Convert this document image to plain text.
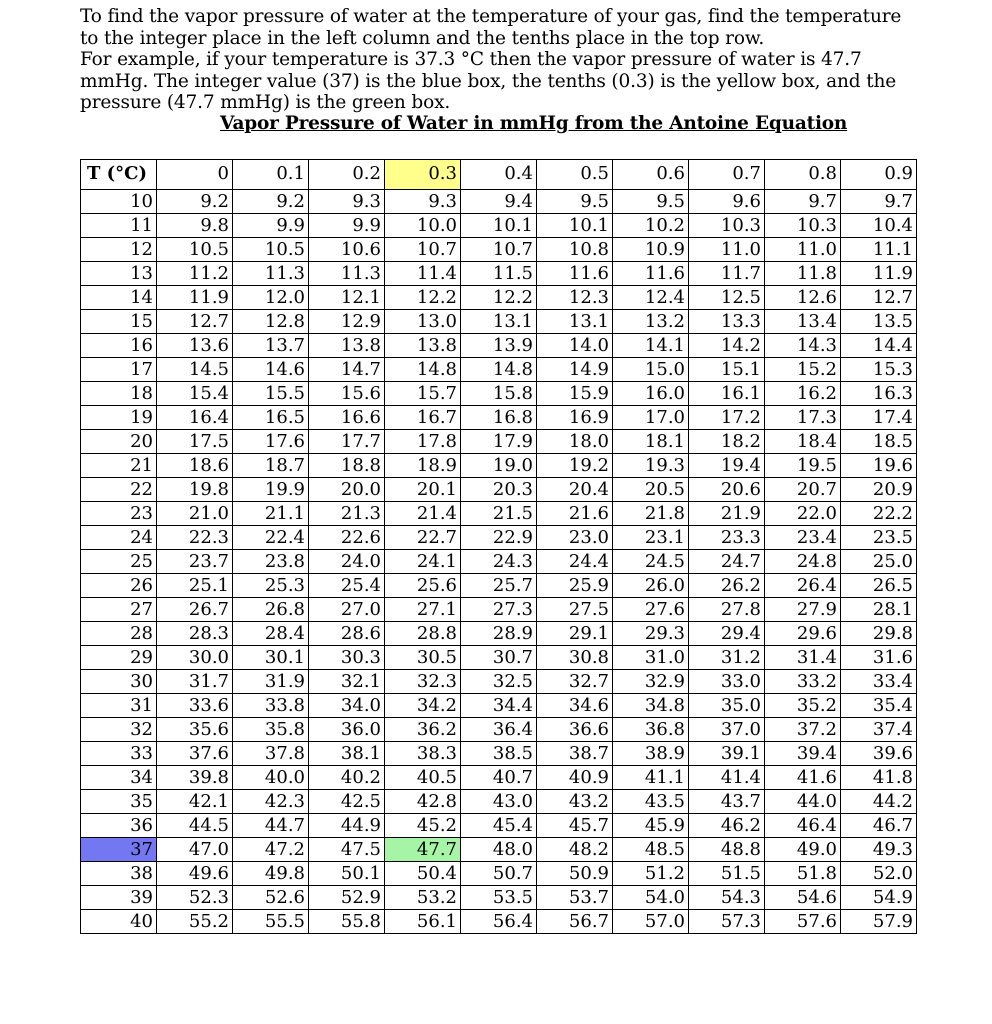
To find the vapor pressure of water at the temperature of your gas, find the temperature

to the integer place in the left column and the tenths place in the top row.

For example, if your temperature is 37.3 °C then the vapor pressure of water is 47.7

mmHg. The integer value (37) is the blue box, the tenths (0.3) is the yellow box, and the

pressure (47.7 mmHg) is the green box.

Vapor Pressure of Water in mmHg from the Antoine Equation
T (°C)	0	0.1	0.2	0.3	0.4	0.5	0.6	0.7	0.8	0.9
10	9.2	9.2	9.3	9.3	9.4	9.5	9.5	9.6	9.7	9.7
11	9.8	9.9	9.9	10.0	10.1	10.1	10.2	10.3	10.3	10.4
12	10.5	10.5	10.6	10.7	10.7	10.8	10.9	11.0	11.0	11.1
13	11.2	11.3	11.3	11.4	11.5	11.6	11.6	11.7	11.8	11.9
14	11.9	12.0	12.1	12.2	12.2	12.3	12.4	12.5	12.6	12.7
15	12.7	12.8	12.9	13.0	13.1	13.1	13.2	13.3	13.4	13.5
16	13.6	13.7	13.8	13.8	13.9	14.0	14.1	14.2	14.3	14.4
17	14.5	14.6	14.7	14.8	14.8	14.9	15.0	15.1	15.2	15.3
18	15.4	15.5	15.6	15.7	15.8	15.9	16.0	16.1	16.2	16.3
19	16.4	16.5	16.6	16.7	16.8	16.9	17.0	17.2	17.3	17.4
20	17.5	17.6	17.7	17.8	17.9	18.0	18.1	18.2	18.4	18.5
21	18.6	18.7	18.8	18.9	19.0	19.2	19.3	19.4	19.5	19.6
22	19.8	19.9	20.0	20.1	20.3	20.4	20.5	20.6	20.7	20.9
23	21.0	21.1	21.3	21.4	21.5	21.6	21.8	21.9	22.0	22.2
24	22.3	22.4	22.6	22.7	22.9	23.0	23.1	23.3	23.4	23.5
25	23.7	23.8	24.0	24.1	24.3	24.4	24.5	24.7	24.8	25.0
26	25.1	25.3	25.4	25.6	25.7	25.9	26.0	26.2	26.4	26.5
27	26.7	26.8	27.0	27.1	27.3	27.5	27.6	27.8	27.9	28.1
28	28.3	28.4	28.6	28.8	28.9	29.1	29.3	29.4	29.6	29.8
29	30.0	30.1	30.3	30.5	30.7	30.8	31.0	31.2	31.4	31.6
30	31.7	31.9	32.1	32.3	32.5	32.7	32.9	33.0	33.2	33.4
31	33.6	33.8	34.0	34.2	34.4	34.6	34.8	35.0	35.2	35.4
32	35.6	35.8	36.0	36.2	36.4	36.6	36.8	37.0	37.2	37.4
33	37.6	37.8	38.1	38.3	38.5	38.7	38.9	39.1	39.4	39.6
34	39.8	40.0	40.2	40.5	40.7	40.9	41.1	41.4	41.6	41.8
35	42.1	42.3	42.5	42.8	43.0	43.2	43.5	43.7	44.0	44.2
36	44.5	44.7	44.9	45.2	45.4	45.7	45.9	46.2	46.4	46.7
37	47.0	47.2	47.5	47.7	48.0	48.2	48.5	48.8	49.0	49.3
38	49.6	49.8	50.1	50.4	50.7	50.9	51.2	51.5	51.8	52.0
39	52.3	52.6	52.9	53.2	53.5	53.7	54.0	54.3	54.6	54.9
40	55.2	55.5	55.8	56.1	56.4	56.7	57.0	57.3	57.6	57.9
